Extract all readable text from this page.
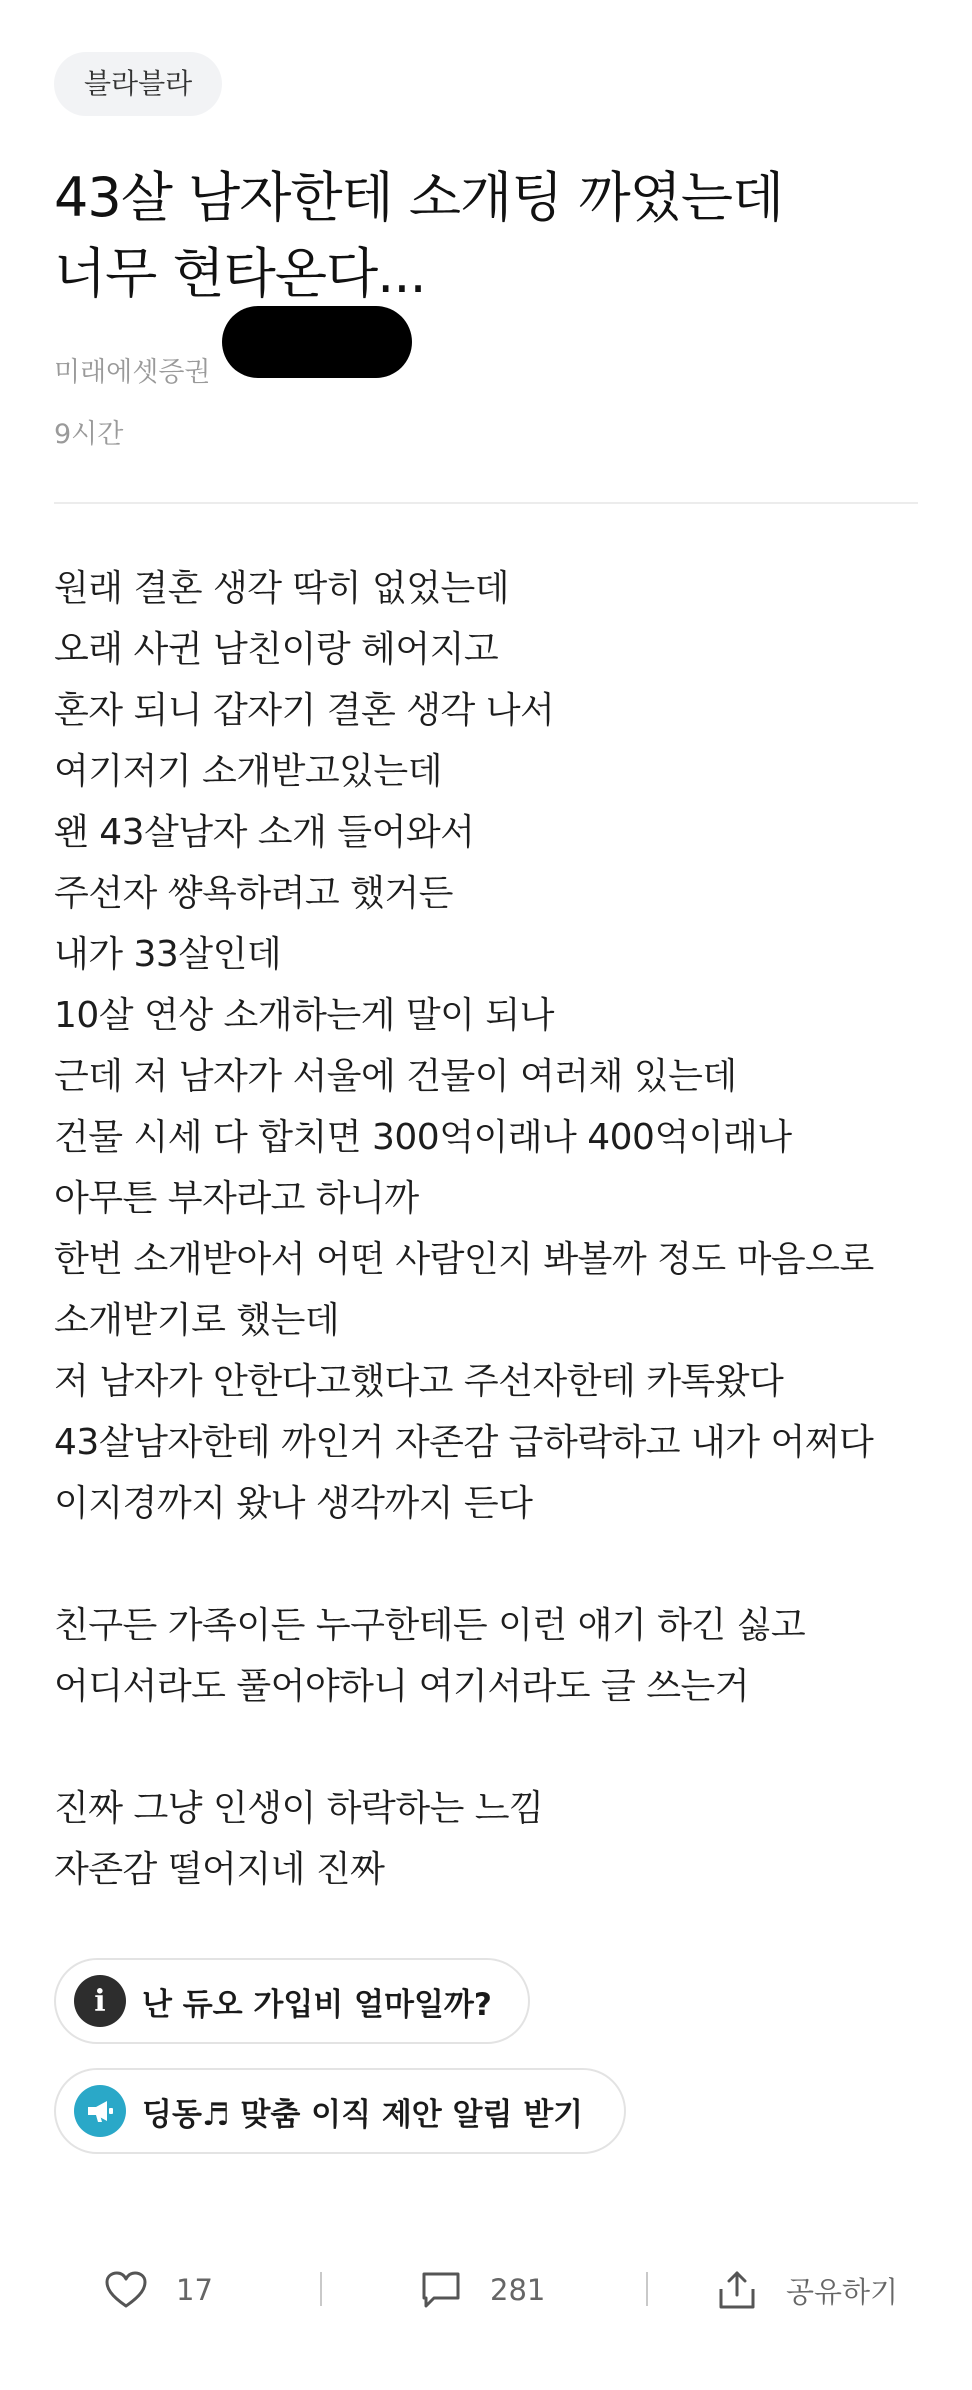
블라블라
43살 남자한테 소개팅 까였는데
너무 현타온다...
미래에셋증권
9시간
원래 결혼 생각 딱히 없었는데
오래 사귄 남친이랑 헤어지고
혼자 되니 갑자기 결혼 생각 나서
여기저기 소개받고있는데
왠 43살남자 소개 들어와서
주선자 썅욕하려고 했거든
내가 33살인데
10살 연상 소개하는게 말이 되나
근데 저 남자가 서울에 건물이 여러채 있는데
건물 시세 다 합치면 300억이래나 400억이래나
아무튼 부자라고 하니까
한번 소개받아서 어떤 사람인지 봐볼까 정도 마음으로
소개받기로 했는데
저 남자가 안한다고했다고 주선자한테 카톡왔다
43살남자한테 까인거 자존감 급하락하고 내가 어쩌다
이지경까지 왔나 생각까지 든다
친구든 가족이든 누구한테든 이런 얘기 하긴 싫고
어디서라도 풀어야하니 여기서라도 글 쓰는거
진짜 그냥 인생이 하락하는 느낌
자존감 떨어지네 진짜
i	난 듀오 가입비 얼마일까?
딩동♬ 맞춤 이직 제안 알림 받기
17	281	공유하기
